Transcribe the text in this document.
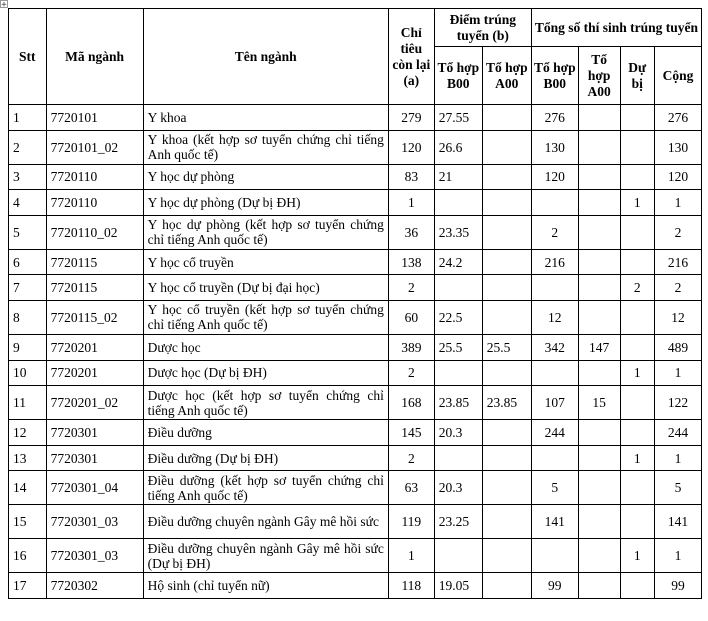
+
Stt	Mã ngành	Tên ngành	Chỉ tiêu còn lại (a)	Điểm trúng tuyển (b)		Tổng số thí sinh trúng tuyển			
				Tổ hợp B00	Tổ hợp A00	Tổ hợp B00	Tổ hợp A00	Dự bị	Cộng
1	7720101	Y khoa	279	27.55		276			276
2	7720101_02	Y khoa (kết hợp sơ tuyển chứng chỉ tiếng Anh quốc tế)	120	26.6		130			130
3	7720110	Y học dự phòng	83	21		120			120
4	7720110	Y học dự phòng (Dự bị ĐH)	1					1	1
5	7720110_02	Y học dự phòng (kết hợp sơ tuyển chứng chỉ tiếng Anh quốc tế)	36	23.35		2			2
6	7720115	Y học cổ truyền	138	24.2		216			216
7	7720115	Y học cổ truyền (Dự bị đại học)	2					2	2
8	7720115_02	Y học cổ truyền (kết hợp sơ tuyển chứng chỉ tiếng Anh quốc tế)	60	22.5		12			12
9	7720201	Dược học	389	25.5	25.5	342	147		489
10	7720201	Dược học (Dự bị ĐH)	2					1	1
11	7720201_02	Dược học (kết hợp sơ tuyển chứng chỉ tiếng Anh quốc tế)	168	23.85	23.85	107	15		122
12	7720301	Điều dưỡng	145	20.3		244			244
13	7720301	Điều dưỡng (Dự bị ĐH)	2					1	1
14	7720301_04	Điều dưỡng (kết hợp sơ tuyển chứng chỉ tiếng Anh quốc tế)	63	20.3		5			5
15	7720301_03	Điều dưỡng chuyên ngành Gây mê hồi sức	119	23.25		141			141
16	7720301_03	Điều dưỡng chuyên ngành Gây mê hồi sức (Dự bị ĐH)	1					1	1
17	7720302	Hộ sinh (chỉ tuyển nữ)	118	19.05		99			99
